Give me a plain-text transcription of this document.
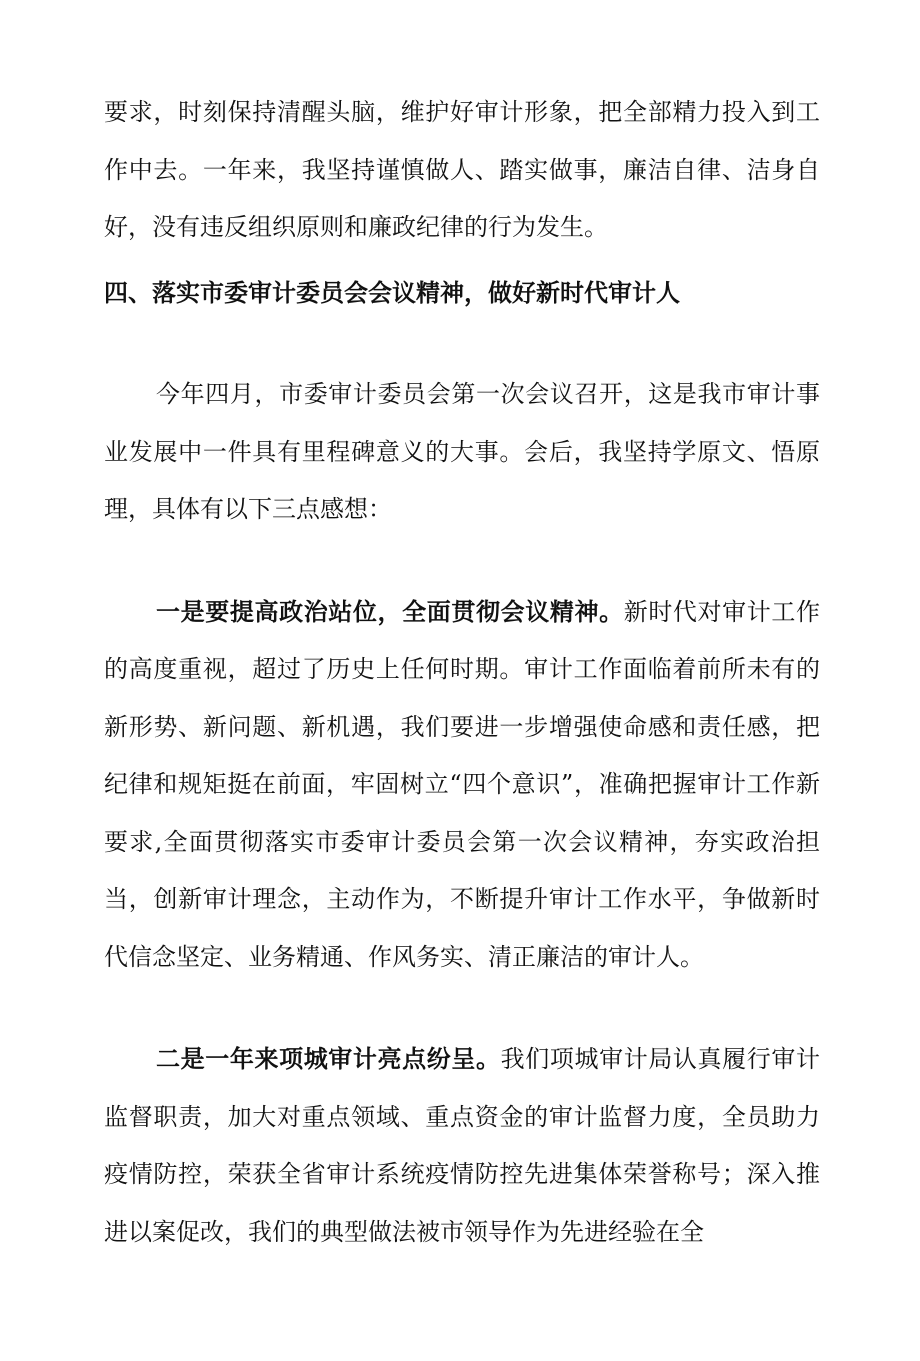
要求，时刻保持清醒头脑，维护好审计形象，把全部精力投入到工作中去。一年来，我坚持谨慎做人、踏实做事，廉洁自律、洁身自好，没有违反组织原则和廉政纪律的行为发生。

四、落实市委审计委员会会议精神，做好新时代审计人

今年四月，市委审计委员会第一次会议召开，这是我市审计事业发展中一件具有里程碑意义的大事。会后，我坚持学原文、悟原理，具体有以下三点感想：

一是要提高政治站位，全面贯彻会议精神。新时代对审计工作的高度重视，超过了历史上任何时期。审计工作面临着前所未有的新形势、新问题、新机遇，我们要进一步增强使命感和责任感，把纪律和规矩挺在前面，牢固树立“四个意识”，准确把握审计工作新要求,全面贯彻落实市委审计委员会第一次会议精神，夯实政治担当，创新审计理念，主动作为，不断提升审计工作水平，争做新时代信念坚定、业务精通、作风务实、清正廉洁的审计人。

二是一年来项城审计亮点纷呈。我们项城审计局认真履行审计监督职责，加大对重点领域、重点资金的审计监督力度，全员助力疫情防控，荣获全省审计系统疫情防控先进集体荣誉称号；深入推进以案促改，我们的典型做法被市领导作为先进经验在全
